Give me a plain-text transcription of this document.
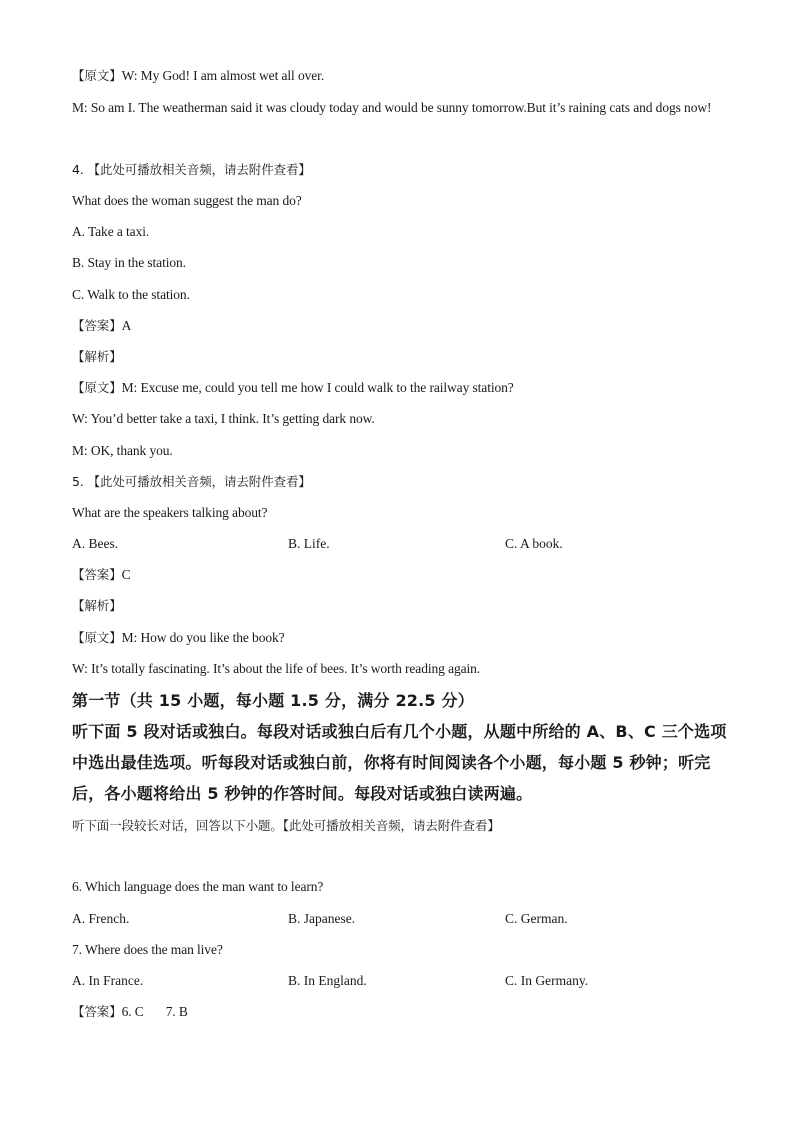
【原文】W: My God! I am almost wet all over.
M: So am I. The weatherman said it was cloudy today and would be sunny tomorrow.But it’s raining cats and dogs now!
4. 【此处可播放相关音频，请去附件查看】
What does the woman suggest the man do?
A. Take a taxi.
B. Stay in the station.
C. Walk to the station.
【答案】A
【解析】
【原文】M: Excuse me, could you tell me how I could walk to the railway station?
W: You’d better take a taxi, I think. It’s getting dark now.
M: OK, thank you.
5. 【此处可播放相关音频，请去附件查看】
What are the speakers talking about?
A. Bees.	B. Life.	C. A book.
【答案】C
【解析】
【原文】M: How do you like the book?
W: It’s totally fascinating. It’s about the life of bees. It’s worth reading again.
第一节（共 15 小题，每小题 1.5 分，满分 22.5 分）
听下面 5 段对话或独白。每段对话或独白后有几个小题，从题中所给的 A、B、C 三个选项中选出最佳选项。听每段对话或独白前，你将有时间阅读各个小题，每小题 5 秒钟；听完后，各小题将给出 5 秒钟的作答时间。每段对话或独白读两遍。
听下面一段较长对话，回答以下小题。【此处可播放相关音频，请去附件查看】
6. Which language does the man want to learn?
A. French.	B. Japanese.	C. German.
7. Where does the man live?
A. In France.	B. In England.	C. In Germany.
【答案】6. C 7. B
